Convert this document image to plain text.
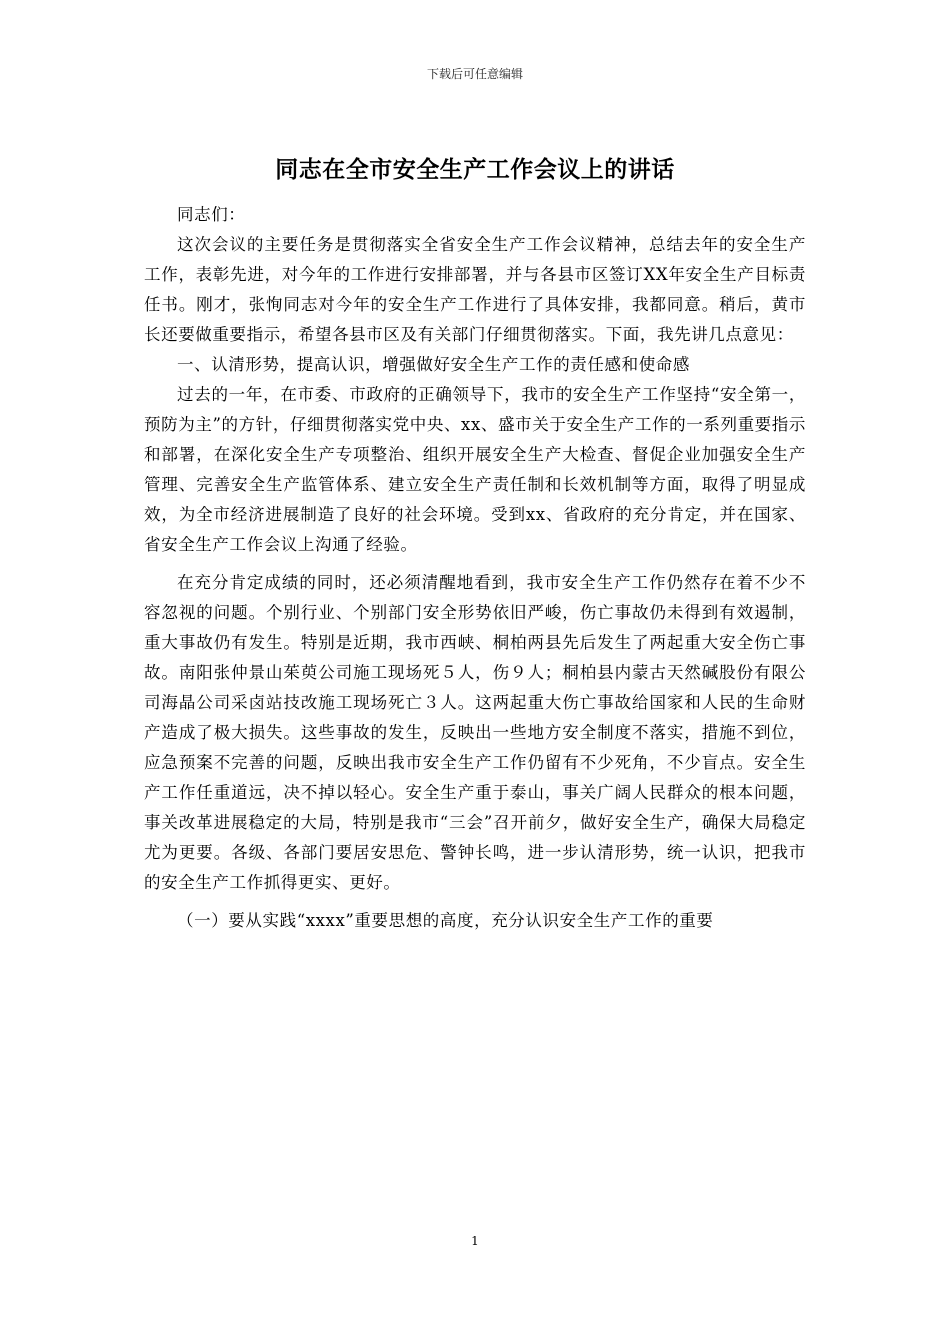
下载后可任意编辑
同志在全市安全生产工作会议上的讲话

同志们：

这次会议的主要任务是贯彻落实全省安全生产工作会议精神，总结去年的安全生产工作，表彰先进，对今年的工作进行安排部署，并与各县市区签订XX年安全生产目标责任书。刚才，张恂同志对今年的安全生产工作进行了具体安排，我都同意。稍后，黄市长还要做重要指示，希望各县市区及有关部门仔细贯彻落实。下面，我先讲几点意见：

一、认清形势，提高认识，增强做好安全生产工作的责任感和使命感

过去的一年，在市委、市政府的正确领导下，我市的安全生产工作坚持“安全第一，预防为主”的方针，仔细贯彻落实党中央、xx、盛市关于安全生产工作的一系列重要指示和部署，在深化安全生产专项整治、组织开展安全生产大检查、督促企业加强安全生产管理、完善安全生产监管体系、建立安全生产责任制和长效机制等方面，取得了明显成效，为全市经济进展制造了良好的社会环境。受到xx、省政府的充分肯定，并在国家、省安全生产工作会议上沟通了经验。

在充分肯定成绩的同时，还必须清醒地看到，我市安全生产工作仍然存在着不少不容忽视的问题。个别行业、个别部门安全形势依旧严峻，伤亡事故仍未得到有效遏制，重大事故仍有发生。特别是近期，我市西峡、桐柏两县先后发生了两起重大安全伤亡事故。南阳张仲景山茱萸公司施工现场死５人，伤９人；桐柏县内蒙古天然碱股份有限公司海晶公司采卤站技改施工现场死亡３人。这两起重大伤亡事故给国家和人民的生命财产造成了极大损失。这些事故的发生，反映出一些地方安全制度不落实，措施不到位，应急预案不完善的问题，反映出我市安全生产工作仍留有不少死角，不少盲点。安全生产工作任重道远，决不掉以轻心。安全生产重于泰山，事关广阔人民群众的根本问题，事关改革进展稳定的大局，特别是我市“三会”召开前夕，做好安全生产，确保大局稳定尤为更要。各级、各部门要居安思危、警钟长鸣，进一步认清形势，统一认识，把我市的安全生产工作抓得更实、更好。

（一）要从实践“xxxx”重要思想的高度，充分认识安全生产工作的重要

1
